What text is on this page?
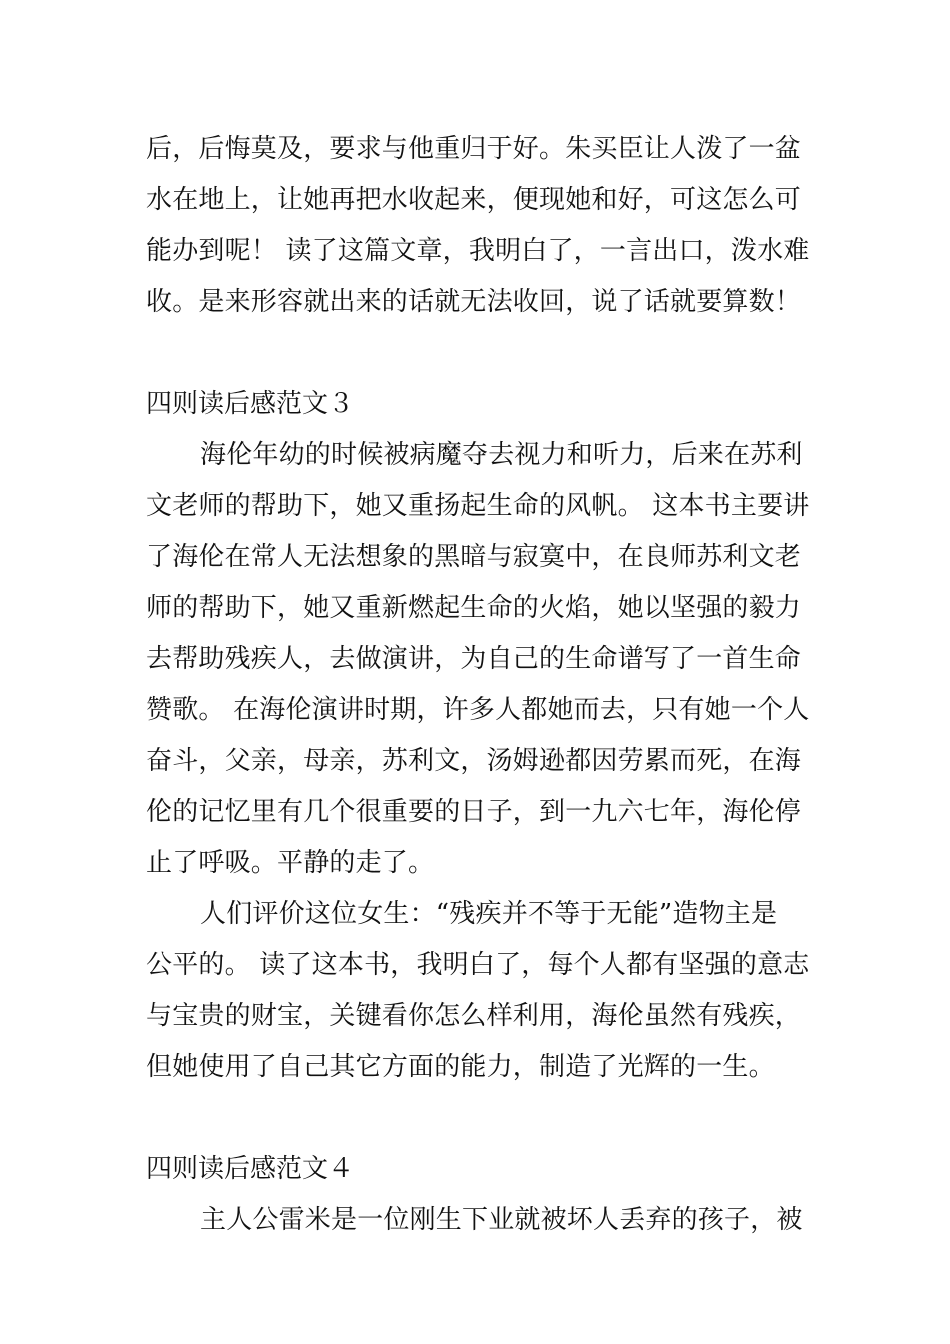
后，后悔莫及，要求与他重归于好。朱买臣让人泼了一盆
水在地上，让她再把水收起来，便现她和好，可这怎么可
能办到呢！ 读了这篇文章，我明白了，一言出口，泼水难
收。是来形容就出来的话就无法收回，说了话就要算数！
四则读后感范文３
海伦年幼的时候被病魔夺去视力和听力，后来在苏利
文老师的帮助下，她又重扬起生命的风帆。 这本书主要讲
了海伦在常人无法想象的黑暗与寂寞中，在良师苏利文老
师的帮助下，她又重新燃起生命的火焰，她以坚强的毅力
去帮助残疾人，去做演讲，为自己的生命谱写了一首生命
赞歌。 在海伦演讲时期，许多人都她而去，只有她一个人
奋斗，父亲，母亲，苏利文，汤姆逊都因劳累而死，在海
伦的记忆里有几个很重要的日子，到一九六七年，海伦停
止了呼吸。平静的走了。
人们评价这位女生：“残疾并不等于无能”造物主是
公平的。 读了这本书，我明白了，每个人都有坚强的意志
与宝贵的财宝，关键看你怎么样利用，海伦虽然有残疾，
但她使用了自己其它方面的能力，制造了光辉的一生。
四则读后感范文４
主人公雷米是一位刚生下业就被坏人丢弃的孩子，被
